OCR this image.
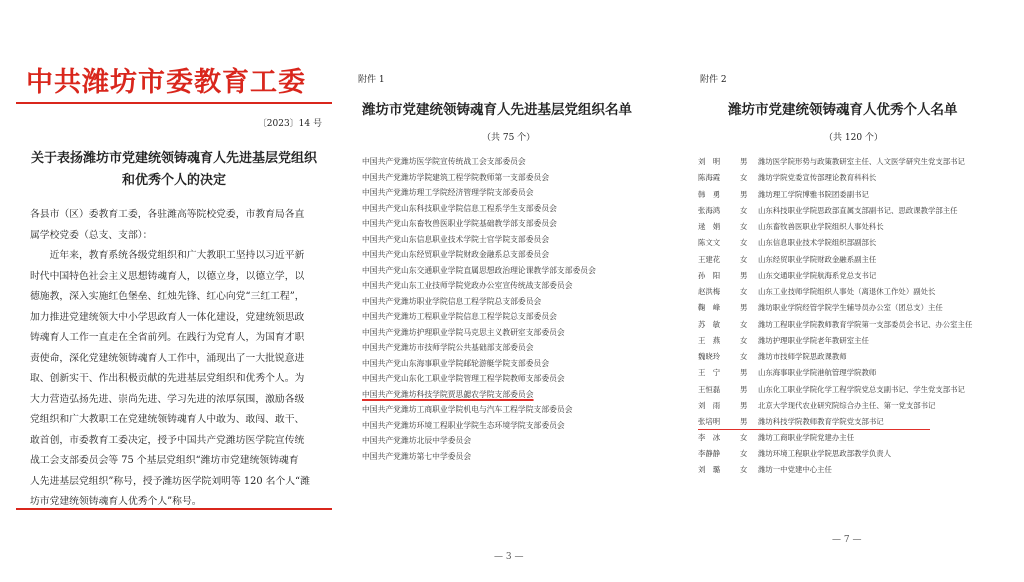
中共潍坊市委教育工委
〔2023〕14 号
关于表扬潍坊市党建统领铸魂育人先进基层党组织
和优秀个人的决定
各县市（区）委教育工委，各驻潍高等院校党委，市教育局各直
属学校党委（总支、支部）：
　　近年来，教育系统各级党组织和广大教职工坚持以习近平新
时代中国特色社会主义思想铸魂育人，以德立身，以德立学，以
德施教，深入实施红色堡垒、红烛先锋、红心向党“三红工程”，
加力推进党建统领大中小学思政育人一体化建设，党建统领思政
铸魂育人工作一直走在全省前列。在践行为党育人，为国育才职
责使命，深化党建统领铸魂育人工作中，涌现出了一大批锐意进
取、创新实干、作出积极贡献的先进基层党组织和优秀个人。为
大力营造弘扬先进、崇尚先进、学习先进的浓厚氛围，激励各级
党组织和广大教职工在党建统领铸魂育人中敢为、敢闯、敢干、
敢首创，市委教育工委决定，授予中国共产党潍坊医学院宣传统
战工会支部委员会等 75 个基层党组织“潍坊市党建统领铸魂育
人先进基层党组织”称号，授予潍坊医学院刘明等 120 名个人“潍
坊市党建统领铸魂育人优秀个人”称号。
附件 1
潍坊市党建统领铸魂育人先进基层党组织名单
（共 75 个）
中国共产党潍坊医学院宣传统战工会支部委员会
中国共产党潍坊学院建筑工程学院教师第一支部委员会
中国共产党潍坊理工学院经济管理学院支部委员会
中国共产党山东科技职业学院信息工程系学生支部委员会
中国共产党山东畜牧兽医职业学院基础教学部支部委员会
中国共产党山东信息职业技术学院士官学院支部委员会
中国共产党山东经贸职业学院财政金融系总支部委员会
中国共产党山东交通职业学院直属思想政治理论课教学部支部委员会
中国共产党山东工业技师学院党政办公室宣传统战支部委员会
中国共产党潍坊职业学院信息工程学院总支部委员会
中国共产党潍坊工程职业学院信息工程学院总支部委员会
中国共产党潍坊护理职业学院马克思主义教研室支部委员会
中国共产党潍坊市技师学院公共基础部支部委员会
中国共产党山东海事职业学院邮轮游艇学院支部委员会
中国共产党山东化工职业学院管理工程学院教师支部委员会
中国共产党潍坊科技学院贾思勰农学院支部委员会
中国共产党潍坊工商职业学院机电与汽车工程学院支部委员会
中国共产党潍坊环境工程职业学院生态环境学院支部委员会
中国共产党潍坊北辰中学委员会
中国共产党潍坊第七中学委员会
— 3 —
附件 2
潍坊市党建统领铸魂育人优秀个人名单
（共 120 个）
刘　明	男	潍坊医学院形势与政策教研室主任、人文医学研究生党支部书记
陈海霞	女	潍坊学院党委宣传部理论教育科科长
韩　勇	男	潍坊理工学院博雅书院团委副书记
张海鸿	女	山东科技职业学院思政部直属支部副书记、思政课教学部主任
逯　娟	女	山东畜牧兽医职业学院组织人事处科长
陈文文	女	山东信息职业技术学院组织部副部长
王建花	女	山东经贸职业学院财政金融系副主任
孙　阳	男	山东交通职业学院航海系党总支书记
赵洪梅	女	山东工业技师学院组织人事处（离退休工作处）副处长
鞠　峰	男	潍坊职业学院经管学院学生辅导员办公室（团总支）主任
苏　敏	女	潍坊工程职业学院教师教育学院第一支部委员会书记、办公室主任
王　燕	女	潍坊护理职业学院老年教研室主任
魏晓玲	女	潍坊市技师学院思政课教师
王　宁	男	山东海事职业学院港航管理学院教师
王恒磊	男	山东化工职业学院化学工程学院党总支副书记、学生党支部书记
刘　雨	男	北京大学现代农业研究院综合办主任、第一党支部书记
张培明	男	潍坊科技学院教师教育学院党支部书记
李　冰	女	潍坊工商职业学院党建办主任
李静静	女	潍坊环境工程职业学院思政部教学负责人
刘　璐	女	潍坊一中党建中心主任
— 7 —
